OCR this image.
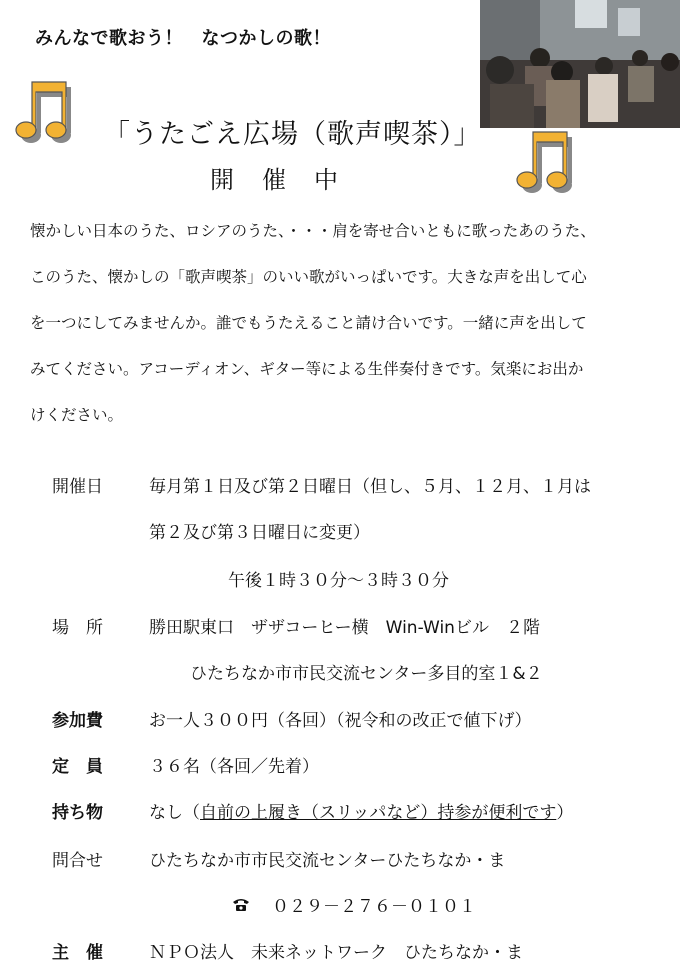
みんなで歌おう！　なつかしの歌！
「うたごえ広場（歌声喫茶）」
開催中

懐かしい日本のうた、ロシアのうた、・・・肩を寄せ合いともに歌ったあのうた、

このうた、懐かしの「歌声喫茶」のいい歌がいっぱいです。大きな声を出して心

を一つにしてみませんか。誰でもうたえること請け合いです。一緒に声を出して

みてください。アコーディオン、ギター等による生伴奏付きです。気楽にお出か

けください。

開催日	毎月第１日及び第２日曜日（但し、５月、１２月、１月は
第２及び第３日曜日に変更）
午後１時３０分～３時３０分
場　所	勝田駅東口　ザザコーヒー横　Win-Winビル　２階
ひたちなか市市民交流センター多目的室１&２
参加費	お一人３００円（各回）（祝令和の改正で値下げ）
定　員	３６名（各回／先着）
持ち物	なし（自前の上履き（スリッパなど）持参が便利です）
問合せ	ひたちなか市市民交流センターひたちなか・ま
０２９－２７６－０１０１
主　催	ＮＰＯ法人　未来ネットワーク　ひたちなか・ま
